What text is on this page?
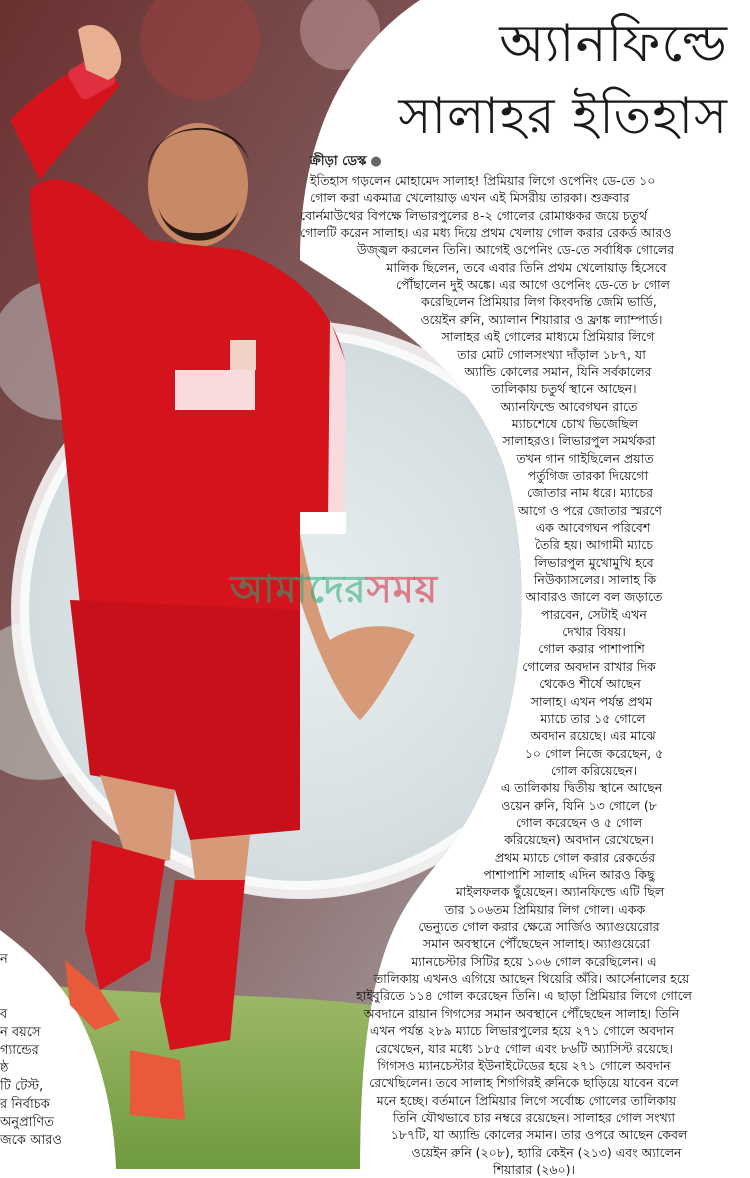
অ্যানফিল্ডে
সালাহর ইতিহাস
ক্রীড়া ডেস্ক ●
ইতিহাস গড়লেন মোহামেদ সালাহ! প্রিমিয়ার লিগে ওপেনিং ডে-তে ১০
গোল করা একমাত্র খেলোয়াড় এখন এই মিসরীয় তারকা। শুক্রবার
বোর্নমাউথের বিপক্ষে লিভারপুলের ৪-২ গোলের রোমাঞ্চকর জয়ে চতুর্থ
গোলটি করেন সালাহ। এর মধ্য দিয়ে প্রথম খেলায় গোল করার রেকর্ড আরও
উজ্জ্বল করলেন তিনি। আগেই ওপেনিং ডে-তে সর্বাধিক গোলের
মালিক ছিলেন, তবে এবার তিনি প্রথম খেলোয়াড় হিসেবে
পৌঁছালেন দুই অঙ্কে। এর আগে ওপেনিং ডে-তে ৮ গোল
করেছিলেন প্রিমিয়ার লিগ কিংবদন্তি জেমি ভার্ডি,
ওয়েইন রুনি, অ্যালান শিয়ারার ও ফ্রাঙ্ক ল্যাম্পার্ড।
সালাহর এই গোলের মাধ্যমে প্রিমিয়ার লিগে
তার মোট গোলসংখ্যা দাঁড়াল ১৮৭, যা
অ্যান্ডি কোলের সমান, যিনি সর্বকালের
তালিকায় চতুর্থ স্থানে আছেন।
অ্যানফিল্ডে আবেগঘন রাতে
ম্যাচশেষে চোখ ভিজেছিল
সালাহরও। লিভারপুল সমর্থকরা
তখন গান গাইছিলেন প্রয়াত
পর্তুগিজ তারকা দিয়েগো
জোতার নাম ধরে। ম্যাচের
আগে ও পরে জোতার স্মরণে
এক আবেগঘন পরিবেশ
তৈরি হয়। আগামী ম্যাচে
লিভারপুল মুখোমুখি হবে
নিউক্যাসলের। সালাহ কি
আবারও জালে বল জড়াতে
পারবেন, সেটাই এখন
দেখার বিষয়।
গোল করার পাশাপাশি
গোলের অবদান রাখার দিক
থেকেও শীর্ষে আছেন
সালাহ। এখন পর্যন্ত প্রথম
ম্যাচে তার ১৫ গোলে
অবদান রয়েছে। এর মাঝে
১০ গোল নিজে করেছেন, ৫
গোল করিয়েছেন।
এ তালিকায় দ্বিতীয় স্থানে আছেন
ওয়েন রুনি, যিনি ১৩ গোলে (৮
গোল করেছেন ও ৫ গোল
করিয়েছেন) অবদান রেখেছেন।
প্রথম ম্যাচে গোল করার রেকর্ডের
পাশাপাশি সালাহ এদিন আরও কিছু
মাইলফলক ছুঁয়েছেন। অ্যানফিল্ডে এটি ছিল
তার ১০৬তম প্রিমিয়ার লিগ গোল। একক
ভেন্যুতে গোল করার ক্ষেত্রে সার্জিও অ্যাগুয়েরোর
সমান অবস্থানে পৌঁছেছেন সালাহ। অ্যাগুয়েরো
ম্যানচেস্টার সিটির হয়ে ১০৬ গোল করেছিলেন। এ
তালিকায় এখনও এগিয়ে আছেন থিয়েরি অঁরি। আর্সেনালের হয়ে
হাইবুরিতে ১১৪ গোল করেছেন তিনি। এ ছাড়া প্রিমিয়ার লিগে গোলে
অবদানে রায়ান গিগসের সমান অবস্থানে পৌঁছেছেন সালাহ। তিনি
এখন পর্যন্ত ২৮৯ ম্যাচে লিভারপুলের হয়ে ২৭১ গোলে অবদান
রেখেছেন, যার মধ্যে ১৮৫ গোল এবং ৮৬টি অ্যাসিস্ট রয়েছে।
গিগসও ম্যানচেস্টার ইউনাইটেডের হয়ে ২৭১ গোলে অবদান
রেখেছিলেন। তবে সালাহ শিগগিরই রুনিকে ছাড়িয়ে যাবেন বলে
মনে হচ্ছে। বর্তমানে প্রিমিয়ার লিগে সর্বোচ্চ গোলের তালিকায়
তিনি যৌথভাবে চার নম্বরে রয়েছেন। সালাহর গোল সংখ্যা
১৮৭টি, যা অ্যান্ডি কোলের সমান। তার ওপরে আছেন কেবল
ওয়েইন রুনি (২০৮), হ্যারি কেইন (২১৩) এবং অ্যালেন
শিয়ারার (২৬০)।
ন
ব
ন বয়সে
গ্যান্ডের
ষ্ঠ
টি টেস্ট,
র নির্বাচক
অনুপ্রাণিত
জকে আরও
আমাদেরসময়
